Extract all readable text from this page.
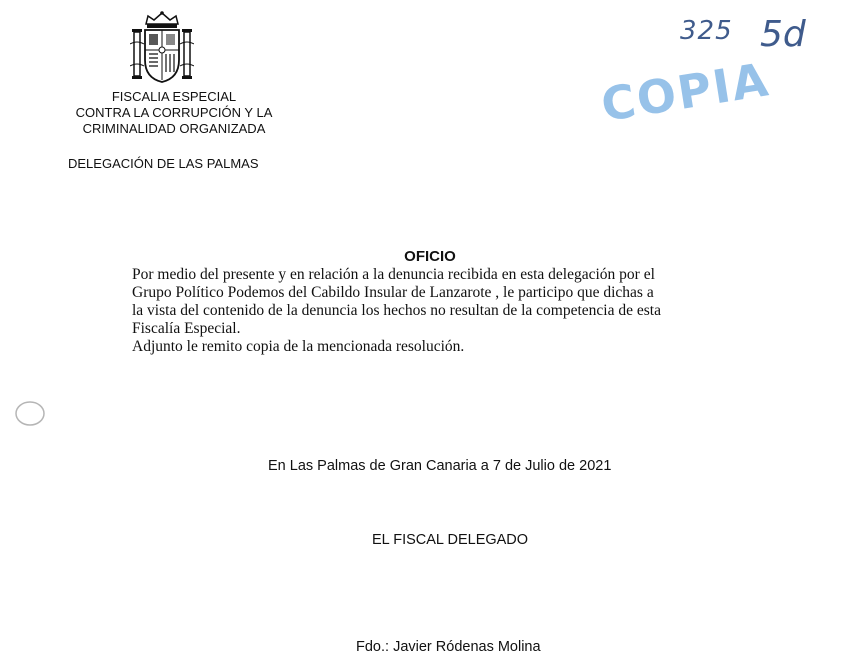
FISCALIA ESPECIAL
CONTRA LA CORRUPCIÓN Y LA
CRIMINALIDAD ORGANIZADA
DELEGACIÓN DE LAS PALMAS
325 5d
COPIA
OFICIO
Por medio del presente y en relación a la denuncia recibida en esta delegación por el
Grupo Político Podemos del Cabildo Insular de Lanzarote , le participo que dichas a
la vista del contenido de la denuncia los hechos no resultan de la competencia de esta
Fiscalía Especial.
Adjunto le remito copia de la mencionada resolución.
En Las Palmas de Gran Canaria a 7 de Julio de 2021
EL FISCAL DELEGADO
Fdo.: Javier Ródenas Molina
